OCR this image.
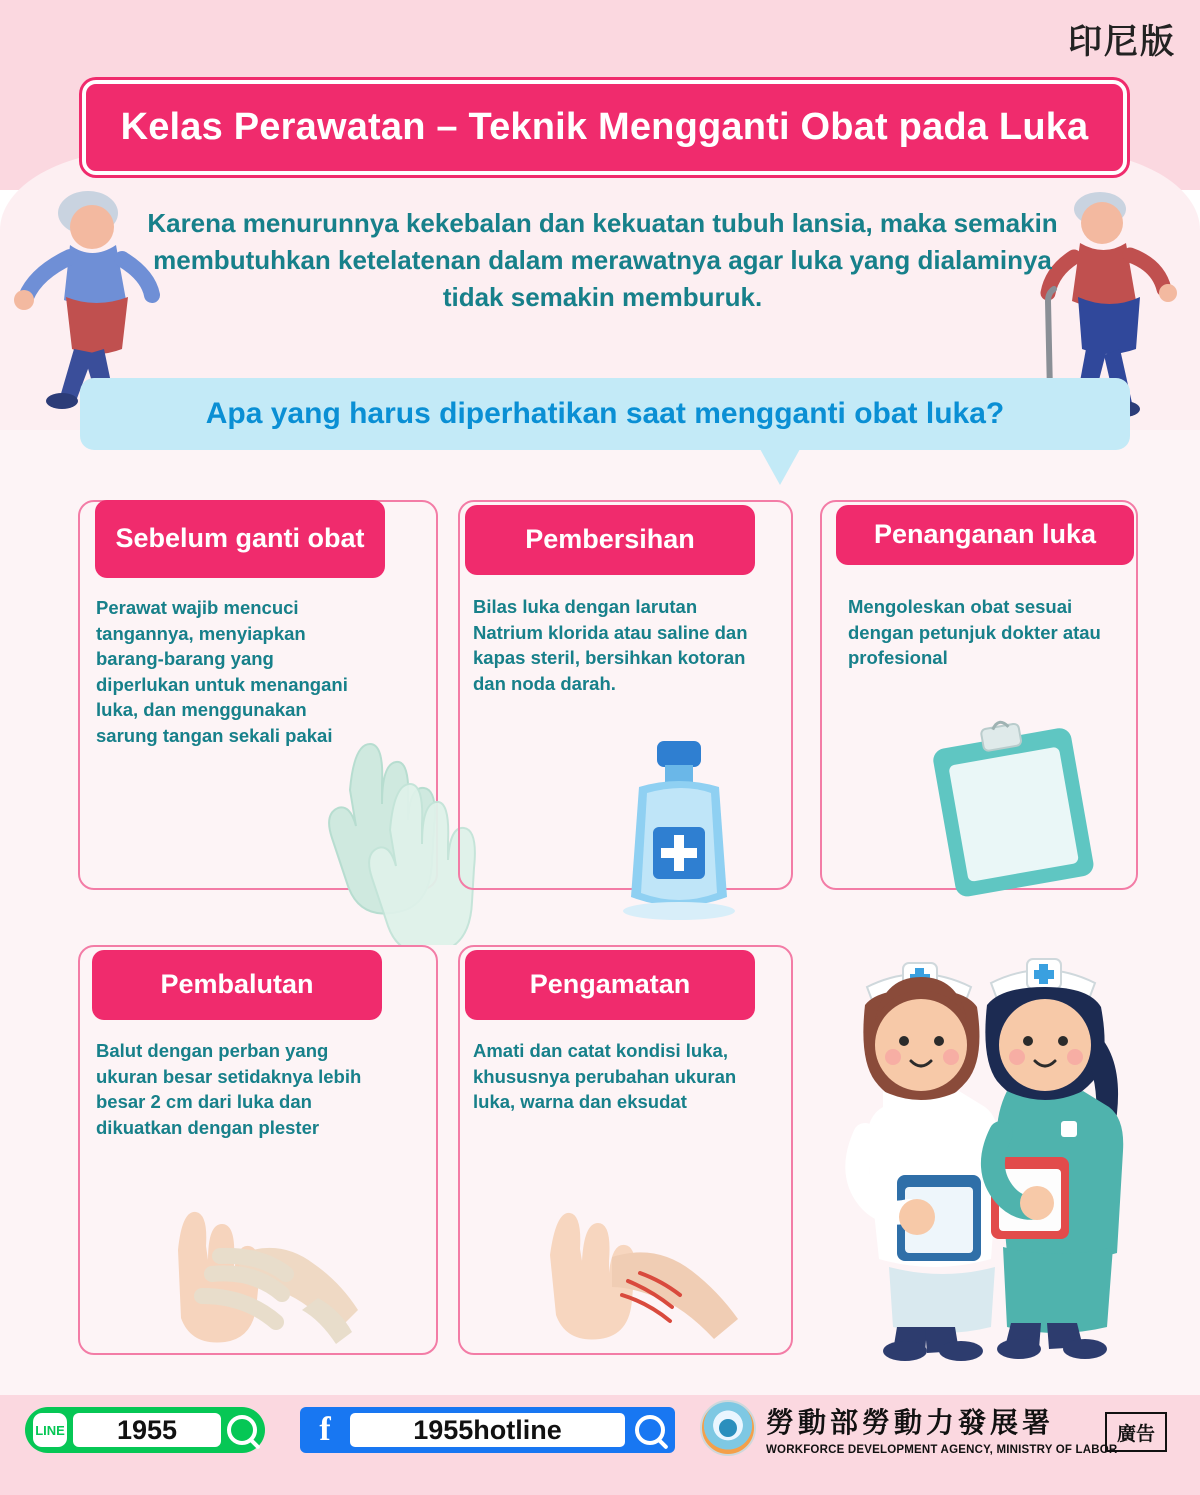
印尼版
Kelas Perawatan – Teknik Mengganti Obat pada Luka
Karena menurunnya kekebalan dan kekuatan tubuh lansia, maka semakin membutuhkan ketelatenan dalam merawatnya agar luka yang dialaminya tidak semakin memburuk.
Apa yang harus diperhatikan saat mengganti obat luka?
Sebelum ganti obat
Perawat wajib mencuci tangannya, menyiapkan barang-barang yang diperlukan untuk menangani luka, dan menggunakan sarung tangan sekali pakai
Pembersihan
Bilas luka dengan larutan Natrium klorida atau saline dan kapas steril, bersihkan kotoran dan noda darah.
Penanganan luka
Mengoleskan obat sesuai dengan petunjuk dokter atau profesional
Pembalutan
Balut dengan perban yang ukuran besar setidaknya lebih besar 2 cm dari luka dan dikuatkan dengan plester
Pengamatan
Amati dan catat kondisi luka, khususnya perubahan ukuran luka, warna dan eksudat
LINE	1955	f	1955hotline	勞動部勞動力發展署
WORKFORCE DEVELOPMENT AGENCY, MINISTRY OF LABOR
廣告
